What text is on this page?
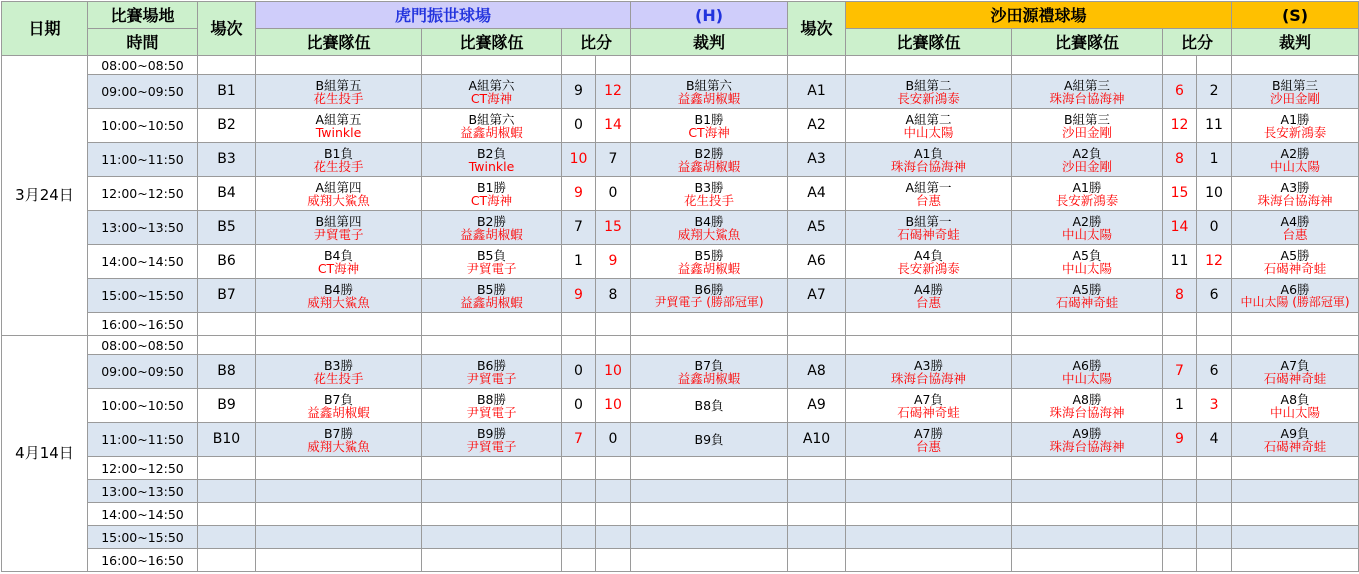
日期	比賽場地	場次	虎門振世球場				(H)	場次	沙田源禮球場				(S)
	時間		比賽隊伍	比賽隊伍	比分		裁判		比賽隊伍	比賽隊伍	比分		裁判
3月24日	08:00~08:50												
	09:00~09:50	B1	B組第五
花生投手	A組第六
CT海神	9	12	B組第六
益鑫胡椒蝦	A1	B組第二
長安新鴻泰	A組第三
珠海台協海神	6	2	B組第三
沙田金剛

	10:00~10:50	B2	A組第五
Twinkle	B組第六
益鑫胡椒蝦	0	14	B1勝
CT海神	A2	A組第二
中山太陽	B組第三
沙田金剛	12	11	A1勝
長安新鴻泰

	11:00~11:50	B3	B1負
花生投手	B2負
Twinkle	10	7	B2勝
益鑫胡椒蝦	A3	A1負
珠海台協海神	A2負
沙田金剛	8	1	A2勝
中山太陽

	12:00~12:50	B4	A組第四
威翔大鯊魚	B1勝
CT海神	9	0	B3勝
花生投手	A4	A組第一
台惠	A1勝
長安新鴻泰	15	10	A3勝
珠海台協海神

	13:00~13:50	B5	B組第四
尹貿電子	B2勝
益鑫胡椒蝦	7	15	B4勝
威翔大鯊魚	A5	B組第一
石碣神奇蛙	A2勝
中山太陽	14	0	A4勝
台惠

	14:00~14:50	B6	B4負
CT海神	B5負
尹貿電子	1	9	B5勝
益鑫胡椒蝦	A6	A4負
長安新鴻泰	A5負
中山太陽	11	12	A5勝
石碣神奇蛙

	15:00~15:50	B7	B4勝
威翔大鯊魚	B5勝
益鑫胡椒蝦	9	8	B6勝
尹貿電子 (勝部冠軍)	A7	A4勝
台惠	A5勝
石碣神奇蛙	8	6	A6勝
中山太陽 (勝部冠軍)

	16:00~16:50												
4月14日	08:00~08:50												
	09:00~09:50	B8	B3勝
花生投手	B6勝
尹貿電子	0	10	B7負
益鑫胡椒蝦	A8	A3勝
珠海台協海神	A6勝
中山太陽	7	6	A7負
石碣神奇蛙

	10:00~10:50	B9	B7負
益鑫胡椒蝦	B8勝
尹貿電子	0	10	B8負	A9	A7負
石碣神奇蛙	A8勝
珠海台協海神	1	3	A8負
中山太陽

	11:00~11:50	B10	B7勝
威翔大鯊魚	B9勝
尹貿電子	7	0	B9負	A10	A7勝
台惠	A9勝
珠海台協海神	9	4	A9負
石碣神奇蛙

	12:00~12:50												
	13:00~13:50												
	14:00~14:50												
	15:00~15:50												
	16:00~16:50												
